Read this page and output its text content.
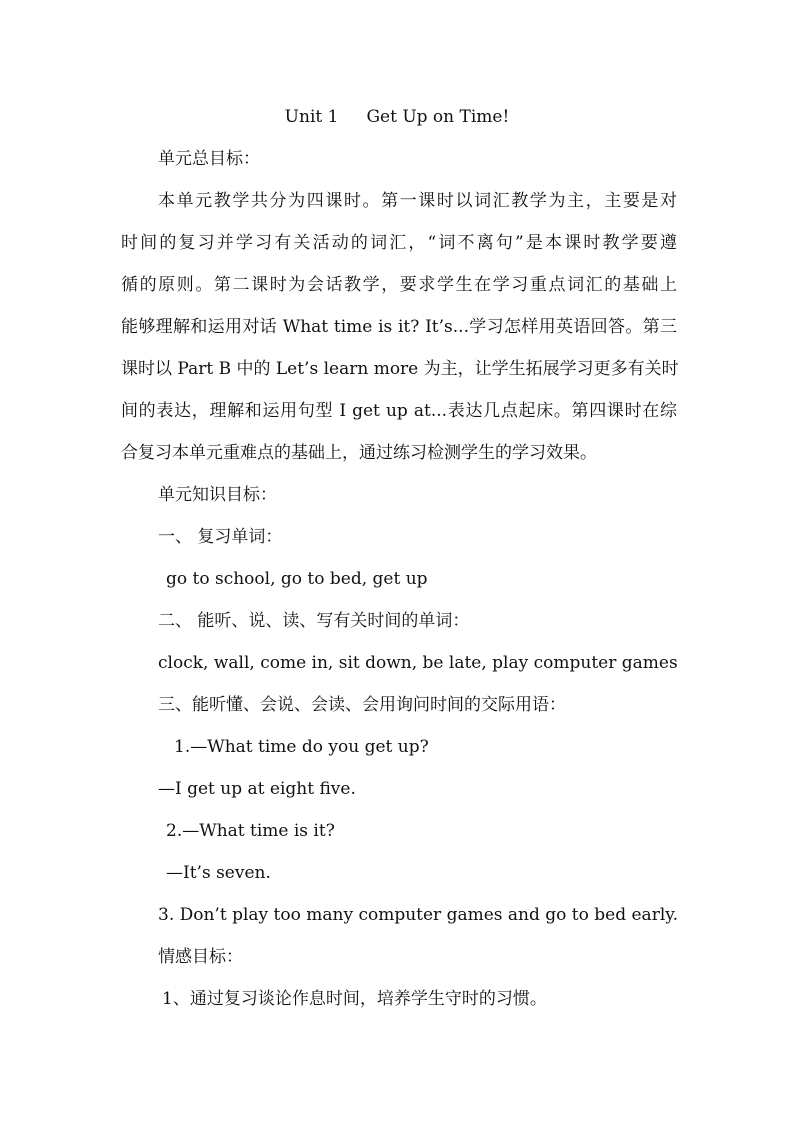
Unit 1 Get Up on Time!
单元总目标：
本单元教学共分为四课时。第一课时以词汇教学为主，主要是对
时间的复习并学习有关活动的词汇，“词不离句”是本课时教学要遵
循的原则。第二课时为会话教学，要求学生在学习重点词汇的基础上
能够理解和运用对话 What time is it? It’s...学习怎样用英语回答。第三
课时以 Part B 中的 Let’s learn more 为主，让学生拓展学习更多有关时
间的表达，理解和运用句型 I get up at...表达几点起床。第四课时在综
合复习本单元重难点的基础上，通过练习检测学生的学习效果。
单元知识目标：
一、 复习单词：
go to school, go to bed, get up
二、 能听、说、读、写有关时间的单词：
clock, wall, come in, sit down, be late, play computer games
三、能听懂、会说、会读、会用询问时间的交际用语：
1.—What time do you get up?
—I get up at eight five.
2.—What time is it?
—It’s seven.
3. Don’t play too many computer games and go to bed early.
情感目标：
1、通过复习谈论作息时间，培养学生守时的习惯。
